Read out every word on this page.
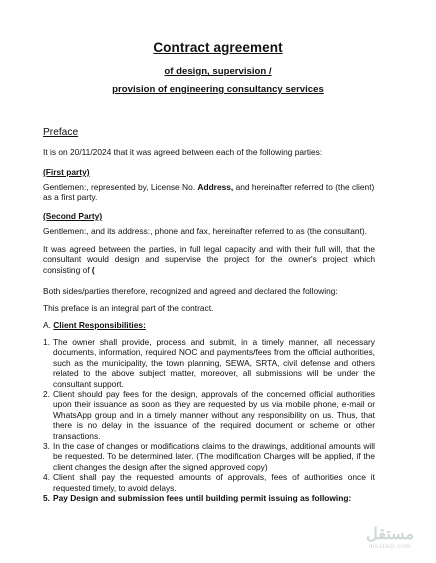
Contract agreement
of design, supervision /
provision of engineering consultancy services
Preface

It is on 20/11/2024 that it was agreed between each of the following parties:

(First party)

Gentlemen:, represented by, License No. Address, and hereinafter referred to (the client) as a first party.

(Second Party)

Gentlemen:, and its address:, phone and fax, hereinafter referred to as (the consultant).

It was agreed between the parties, in full legal capacity and with their full will, that the consultant would design and supervise the project for the owner's project which consisting of (

Both sides/parties therefore, recognized and agreed and declared the following:

This preface is an integral part of the contract.

A. Client Responsibilities:

1. The owner shall provide, process and submit, in a timely manner, all necessary documents, information, required NOC and payments/fees from the official authorities, such as the municipality, the town planning, SEWA, SRTA, civil defense and others related to the above subject matter, moreover, all submissions will be under the consultant support.
2. Client should pay fees for the design, approvals of the concerned official authorities upon their issuance as soon as they are requested by us via mobile phone, e-mail or WhatsApp group and in a timely manner without any responsibility on us. Thus, that there is no delay in the issuance of the required document or scheme or other transactions.
3. In the case of changes or modifications claims to the drawings, additional amounts will be requested. To be determined later. (The modification Charges will be applied, if the client changes the design after the signed approved copy)
4. Client shall pay the requested amounts of approvals, fees of authorities once it requested timely, to avoid delays.
5. Pay Design and submission fees until building permit issuing as following:
مستقل
mostaql.com
